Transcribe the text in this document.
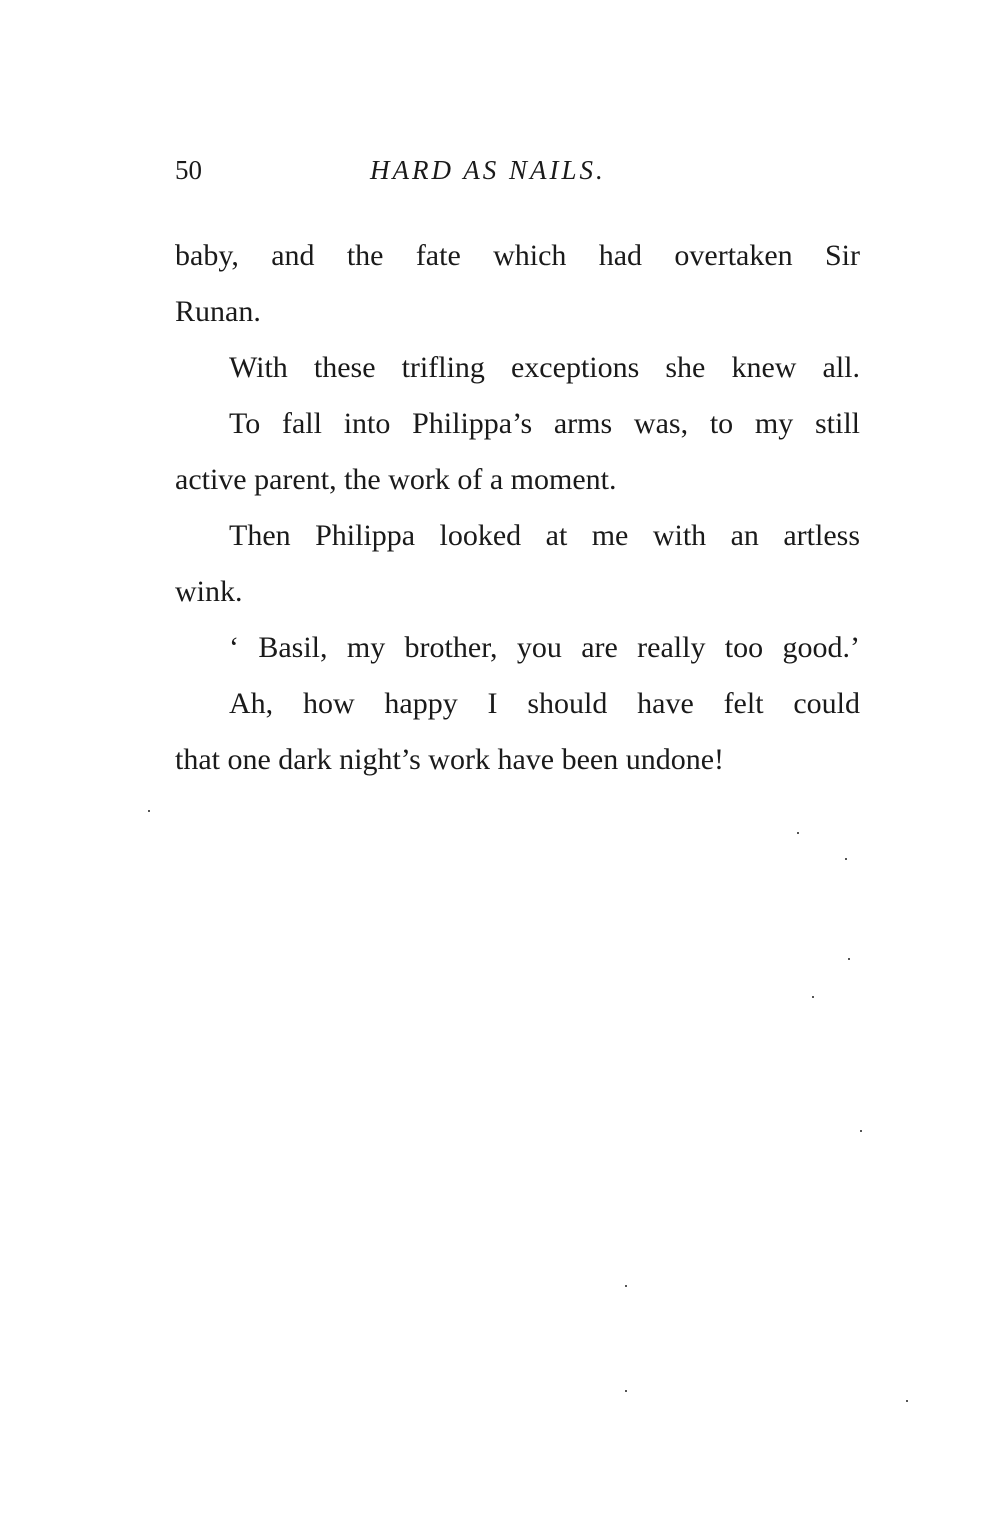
50	HARD AS NAILS.
baby, and the fate which had overtaken Sir
Runan.
With these trifling exceptions she knew all.
To fall into Philippa’s arms was, to my still
active parent, the work of a moment.
Then Philippa looked at me with an artless
wink.
‘ Basil, my brother, you are really too good.’
Ah, how happy I should have felt could
that one dark night’s work have been undone!
